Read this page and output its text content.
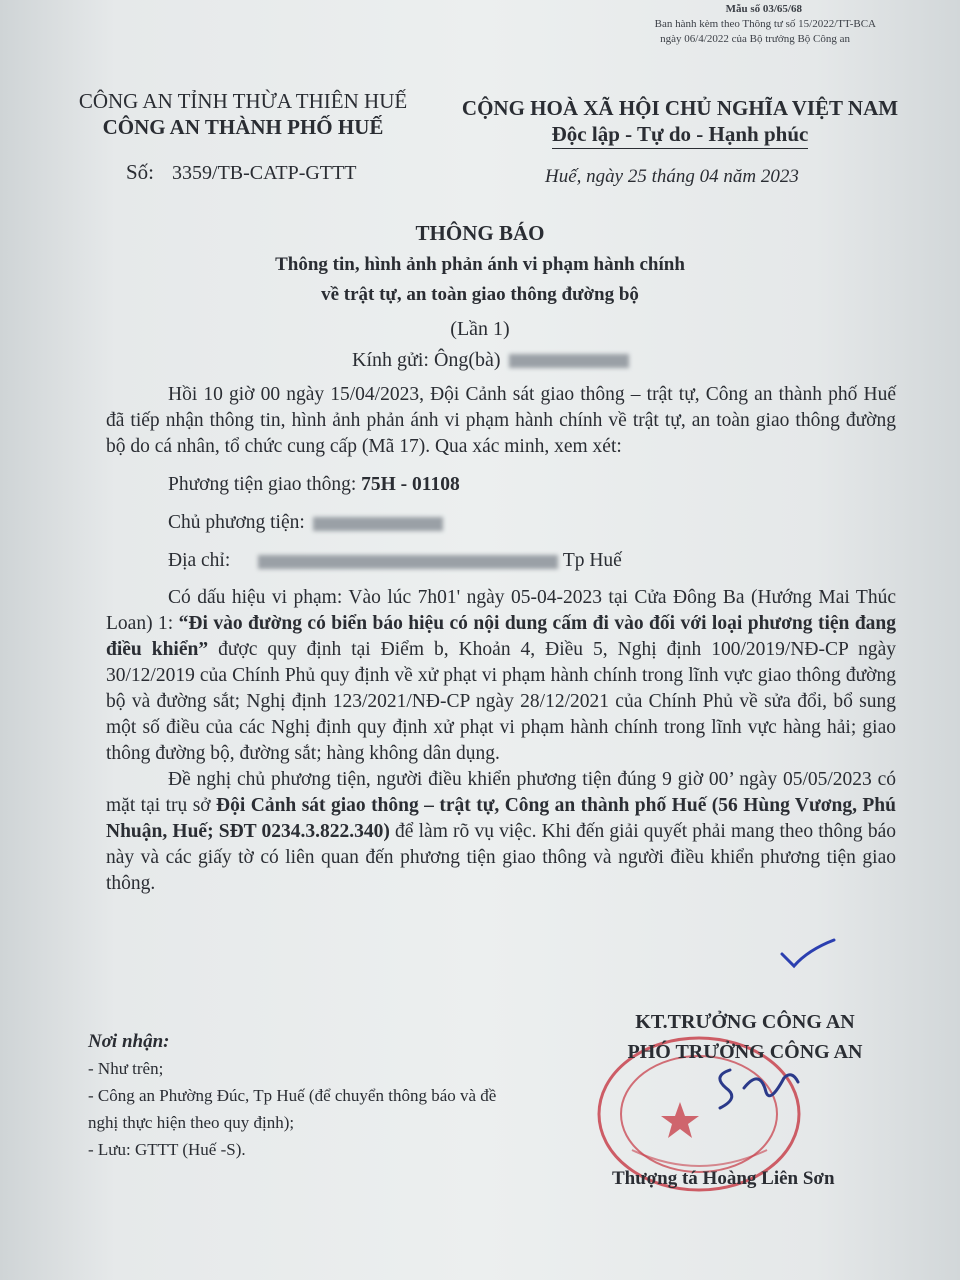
Mẫu số 03/65/68
Ban hành kèm theo Thông tư số 15/2022/TT-BCA
ngày 06/4/2022 của Bộ trưởng Bộ Công an
CÔNG AN TỈNH THỪA THIÊN HUẾ
CÔNG AN THÀNH PHỐ HUẾ
CỘNG HOÀ XÃ HỘI CHỦ NGHĨA VIỆT NAM
Độc lập - Tự do - Hạnh phúc
Số: 3359/TB-CATP-GTTT	Huế, ngày 25 tháng 04 năm 2023
THÔNG BÁO
Thông tin, hình ảnh phản ánh vi phạm hành chính
về trật tự, an toàn giao thông đường bộ
(Lần 1)
Kính gửi: Ông(bà)

Hồi 10 giờ 00 ngày 15/04/2023, Đội Cảnh sát giao thông – trật tự, Công an thành phố Huế đã tiếp nhận thông tin, hình ảnh phản ánh vi phạm hành chính về trật tự, an toàn giao thông đường bộ do cá nhân, tổ chức cung cấp (Mã 17). Qua xác minh, xem xét:

Phương tiện giao thông: 75H - 01108

Chủ phương tiện:

Địa chỉ:	Tp Huế

Có dấu hiệu vi phạm: Vào lúc 7h01' ngày 05-04-2023 tại Cửa Đông Ba (Hướng Mai Thúc Loan) 1: “Đi vào đường có biển báo hiệu có nội dung cấm đi vào đối với loại phương tiện đang điều khiển” được quy định tại Điểm b, Khoản 4, Điều 5, Nghị định 100/2019/NĐ-CP ngày 30/12/2019 của Chính Phủ quy định về xử phạt vi phạm hành chính trong lĩnh vực giao thông đường bộ và đường sắt; Nghị định 123/2021/NĐ-CP ngày 28/12/2021 của Chính Phủ về sửa đổi, bổ sung một số điều của các Nghị định quy định xử phạt vi phạm hành chính trong lĩnh vực hàng hải; giao thông đường bộ, đường sắt; hàng không dân dụng.

Đề nghị chủ phương tiện, người điều khiển phương tiện đúng 9 giờ 00’ ngày 05/05/2023 có mặt tại trụ sở Đội Cảnh sát giao thông – trật tự, Công an thành phố Huế (56 Hùng Vương, Phú Nhuận, Huế; SĐT 0234.3.822.340) để làm rõ vụ việc. Khi đến giải quyết phải mang theo thông báo này và các giấy tờ có liên quan đến phương tiện giao thông và người điều khiển phương tiện giao thông.

Nơi nhận:
- Như trên;
- Công an Phường Đúc, Tp Huế (để chuyển thông báo và đề nghị thực hiện theo quy định);
- Lưu: GTTT (Huế -S).
KT.TRƯỞNG CÔNG AN
PHÓ TRƯỞNG CÔNG AN
Thượng tá Hoàng Liên Sơn
